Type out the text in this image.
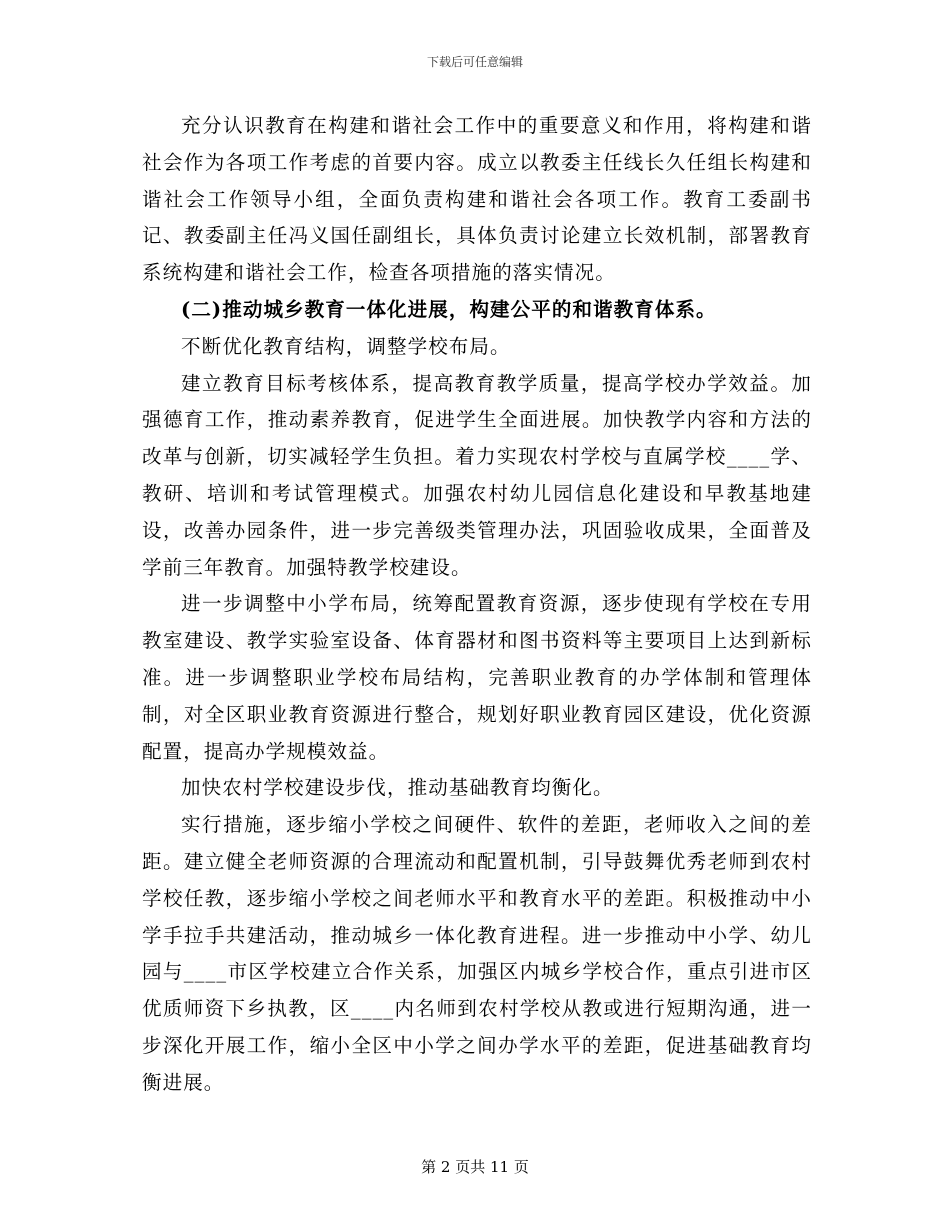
下载后可任意编辑

充分认识教育在构建和谐社会工作中的重要意义和作用，将构建和谐社会作为各项工作考虑的首要内容。成立以教委主任线长久任组长构建和谐社会工作领导小组，全面负责构建和谐社会各项工作。教育工委副书记、教委副主任冯义国任副组长，具体负责讨论建立长效机制，部署教育系统构建和谐社会工作，检查各项措施的落实情况。

(二)推动城乡教育一体化进展，构建公平的和谐教育体系。

不断优化教育结构，调整学校布局。

建立教育目标考核体系，提高教育教学质量，提高学校办学效益。加强德育工作，推动素养教育，促进学生全面进展。加快教学内容和方法的改革与创新，切实减轻学生负担。着力实现农村学校与直属学校____学、教研、培训和考试管理模式。加强农村幼儿园信息化建设和早教基地建设，改善办园条件，进一步完善级类管理办法，巩固验收成果，全面普及学前三年教育。加强特教学校建设。

进一步调整中小学布局，统筹配置教育资源，逐步使现有学校在专用教室建设、教学实验室设备、体育器材和图书资料等主要项目上达到新标准。进一步调整职业学校布局结构，完善职业教育的办学体制和管理体制，对全区职业教育资源进行整合，规划好职业教育园区建设，优化资源配置，提高办学规模效益。

加快农村学校建设步伐，推动基础教育均衡化。

实行措施，逐步缩小学校之间硬件、软件的差距，老师收入之间的差距。建立健全老师资源的合理流动和配置机制，引导鼓舞优秀老师到农村学校任教，逐步缩小学校之间老师水平和教育水平的差距。积极推动中小学手拉手共建活动，推动城乡一体化教育进程。进一步推动中小学、幼儿园与____市区学校建立合作关系，加强区内城乡学校合作，重点引进市区优质师资下乡执教，区____内名师到农村学校从教或进行短期沟通，进一步深化开展工作，缩小全区中小学之间办学水平的差距，促进基础教育均衡进展。

第 2 页共 11 页
